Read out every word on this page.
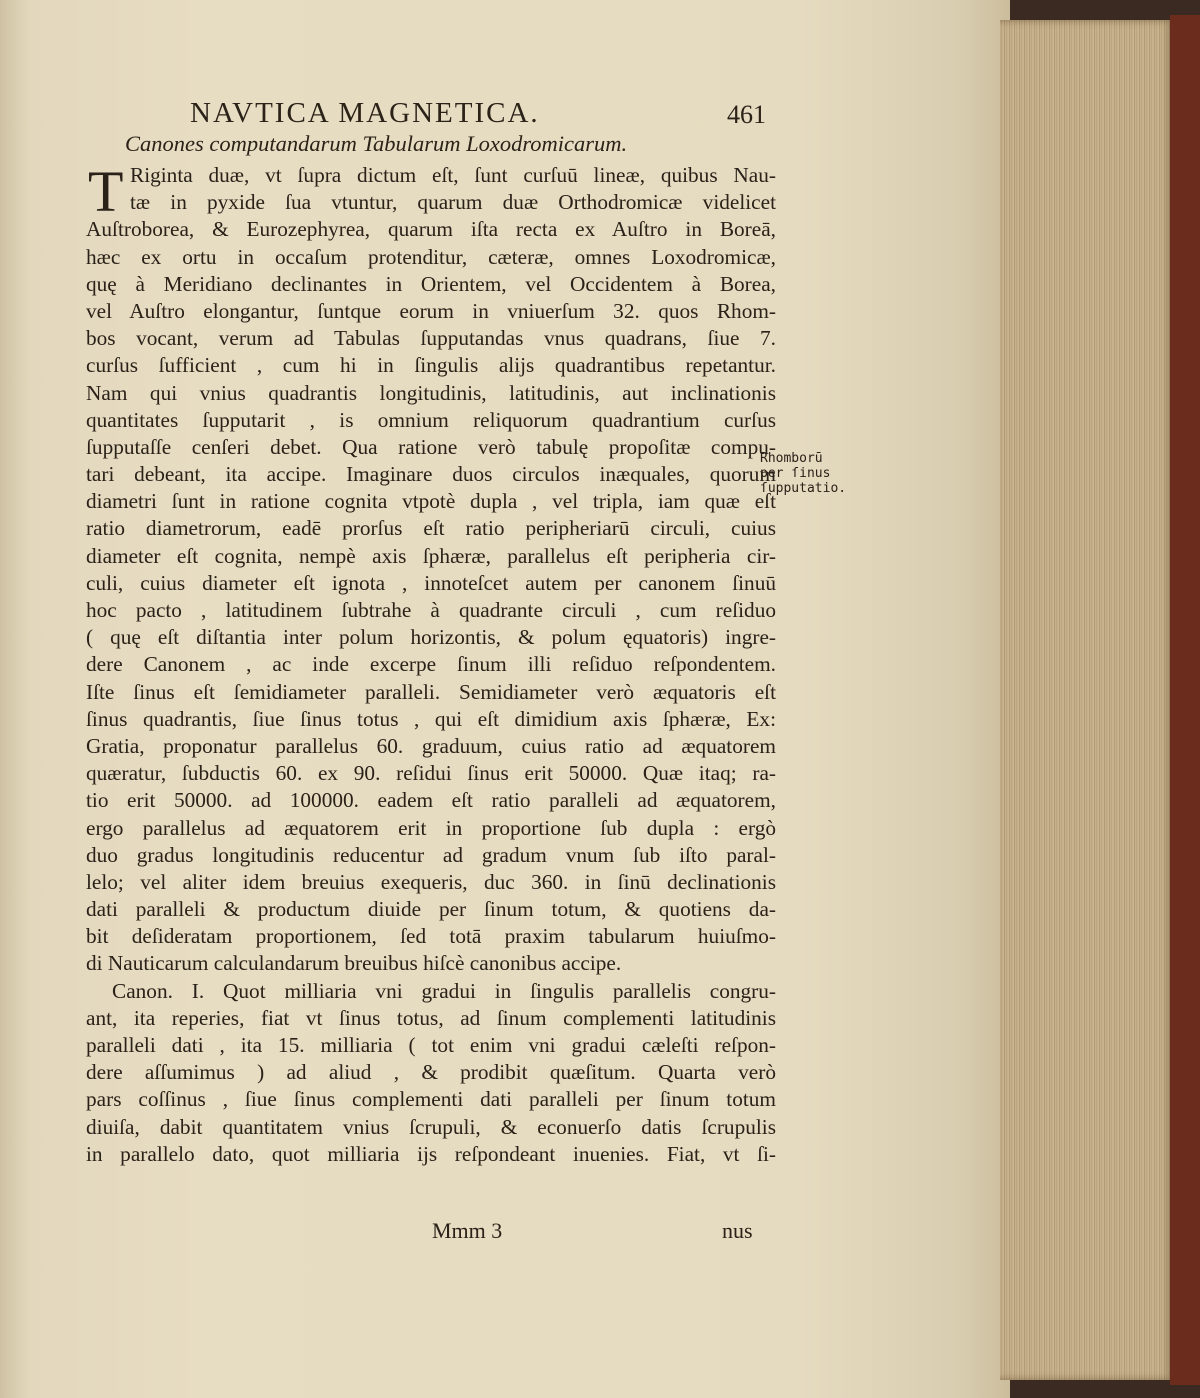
NAVTICA MAGNETICA.	461
Canones computandarum Tabularum Loxodromicarum.
T Riginta duæ, vt ſupra dictum eſt, ſunt curſuū lineæ, quibus Nau-
tæ in pyxide ſua vtuntur, quarum duæ Orthodromicæ videlicet
Auſtroborea, & Eurozephyrea, quarum iſta recta ex Auſtro in Boreā,
hæc ex ortu in occaſum protenditur, cæteræ, omnes Loxodromicæ,
quę à Meridiano declinantes in Orientem, vel Occidentem à Borea,
vel Auſtro elongantur, ſuntque eorum in vniuerſum 32. quos Rhom-
bos vocant, verum ad Tabulas ſupputandas vnus quadrans, ſiue 7.
curſus ſufficient , cum hi in ſingulis alijs quadrantibus repetantur.
Nam qui vnius quadrantis longitudinis, latitudinis, aut inclinationis
quantitates ſupputarit , is omnium reliquorum quadrantium curſus
ſupputaſſe cenſeri debet. Qua ratione verò tabulę propoſitæ compu-
tari debeant, ita accipe. Imaginare duos circulos inæquales, quorum
diametri ſunt in ratione cognita vtpotè dupla , vel tripla, iam quæ eſt
ratio diametrorum, eadē prorſus eſt ratio peripheriarū circuli, cuius
diameter eſt cognita, nempè axis ſphæræ, parallelus eſt peripheria cir-
culi, cuius diameter eſt ignota , innoteſcet autem per canonem ſinuū
hoc pacto , latitudinem ſubtrahe à quadrante circuli , cum reſiduo
( quę eſt diſtantia inter polum horizontis, & polum ęquatoris) ingre-
dere Canonem , ac inde excerpe ſinum illi reſiduo reſpondentem.
Iſte ſinus eſt ſemidiameter paralleli. Semidiameter verò æquatoris eſt
ſinus quadrantis, ſiue ſinus totus , qui eſt dimidium axis ſphæræ, Ex:
Gratia, proponatur parallelus 60. graduum, cuius ratio ad æquatorem
quæratur, ſubductis 60. ex 90. reſidui ſinus erit 50000. Quæ itaq; ra-
tio erit 50000. ad 100000. eadem eſt ratio paralleli ad æquatorem,
ergo parallelus ad æquatorem erit in proportione ſub dupla : ergò
duo gradus longitudinis reducentur ad gradum vnum ſub iſto paral-
lelo; vel aliter idem breuius exequeris, duc 360. in ſinū declinationis
dati paralleli & productum diuide per ſinum totum, & quotiens da-
bit deſideratam proportionem, ſed totā praxim tabularum huiuſmo-
di Nauticarum calculandarum breuibus hiſcè canonibus accipe.
Canon. I. Quot milliaria vni gradui in ſingulis parallelis congru-
ant, ita reperies, fiat vt ſinus totus, ad ſinum complementi latitudinis
paralleli dati , ita 15. milliaria ( tot enim vni gradui cæleſti reſpon-
dere aſſumimus ) ad aliud , & prodibit quæſitum. Quarta verò
pars coſſinus , ſiue ſinus complementi dati paralleli per ſinum totum
diuiſa, dabit quantitatem vnius ſcrupuli, & econuerſo datis ſcrupulis
in parallelo dato, quot milliaria ijs reſpondeant inuenies. Fiat, vt ſi-
Rhomborū
per ſinus
ſupputatio.
Mmm 3	nus
